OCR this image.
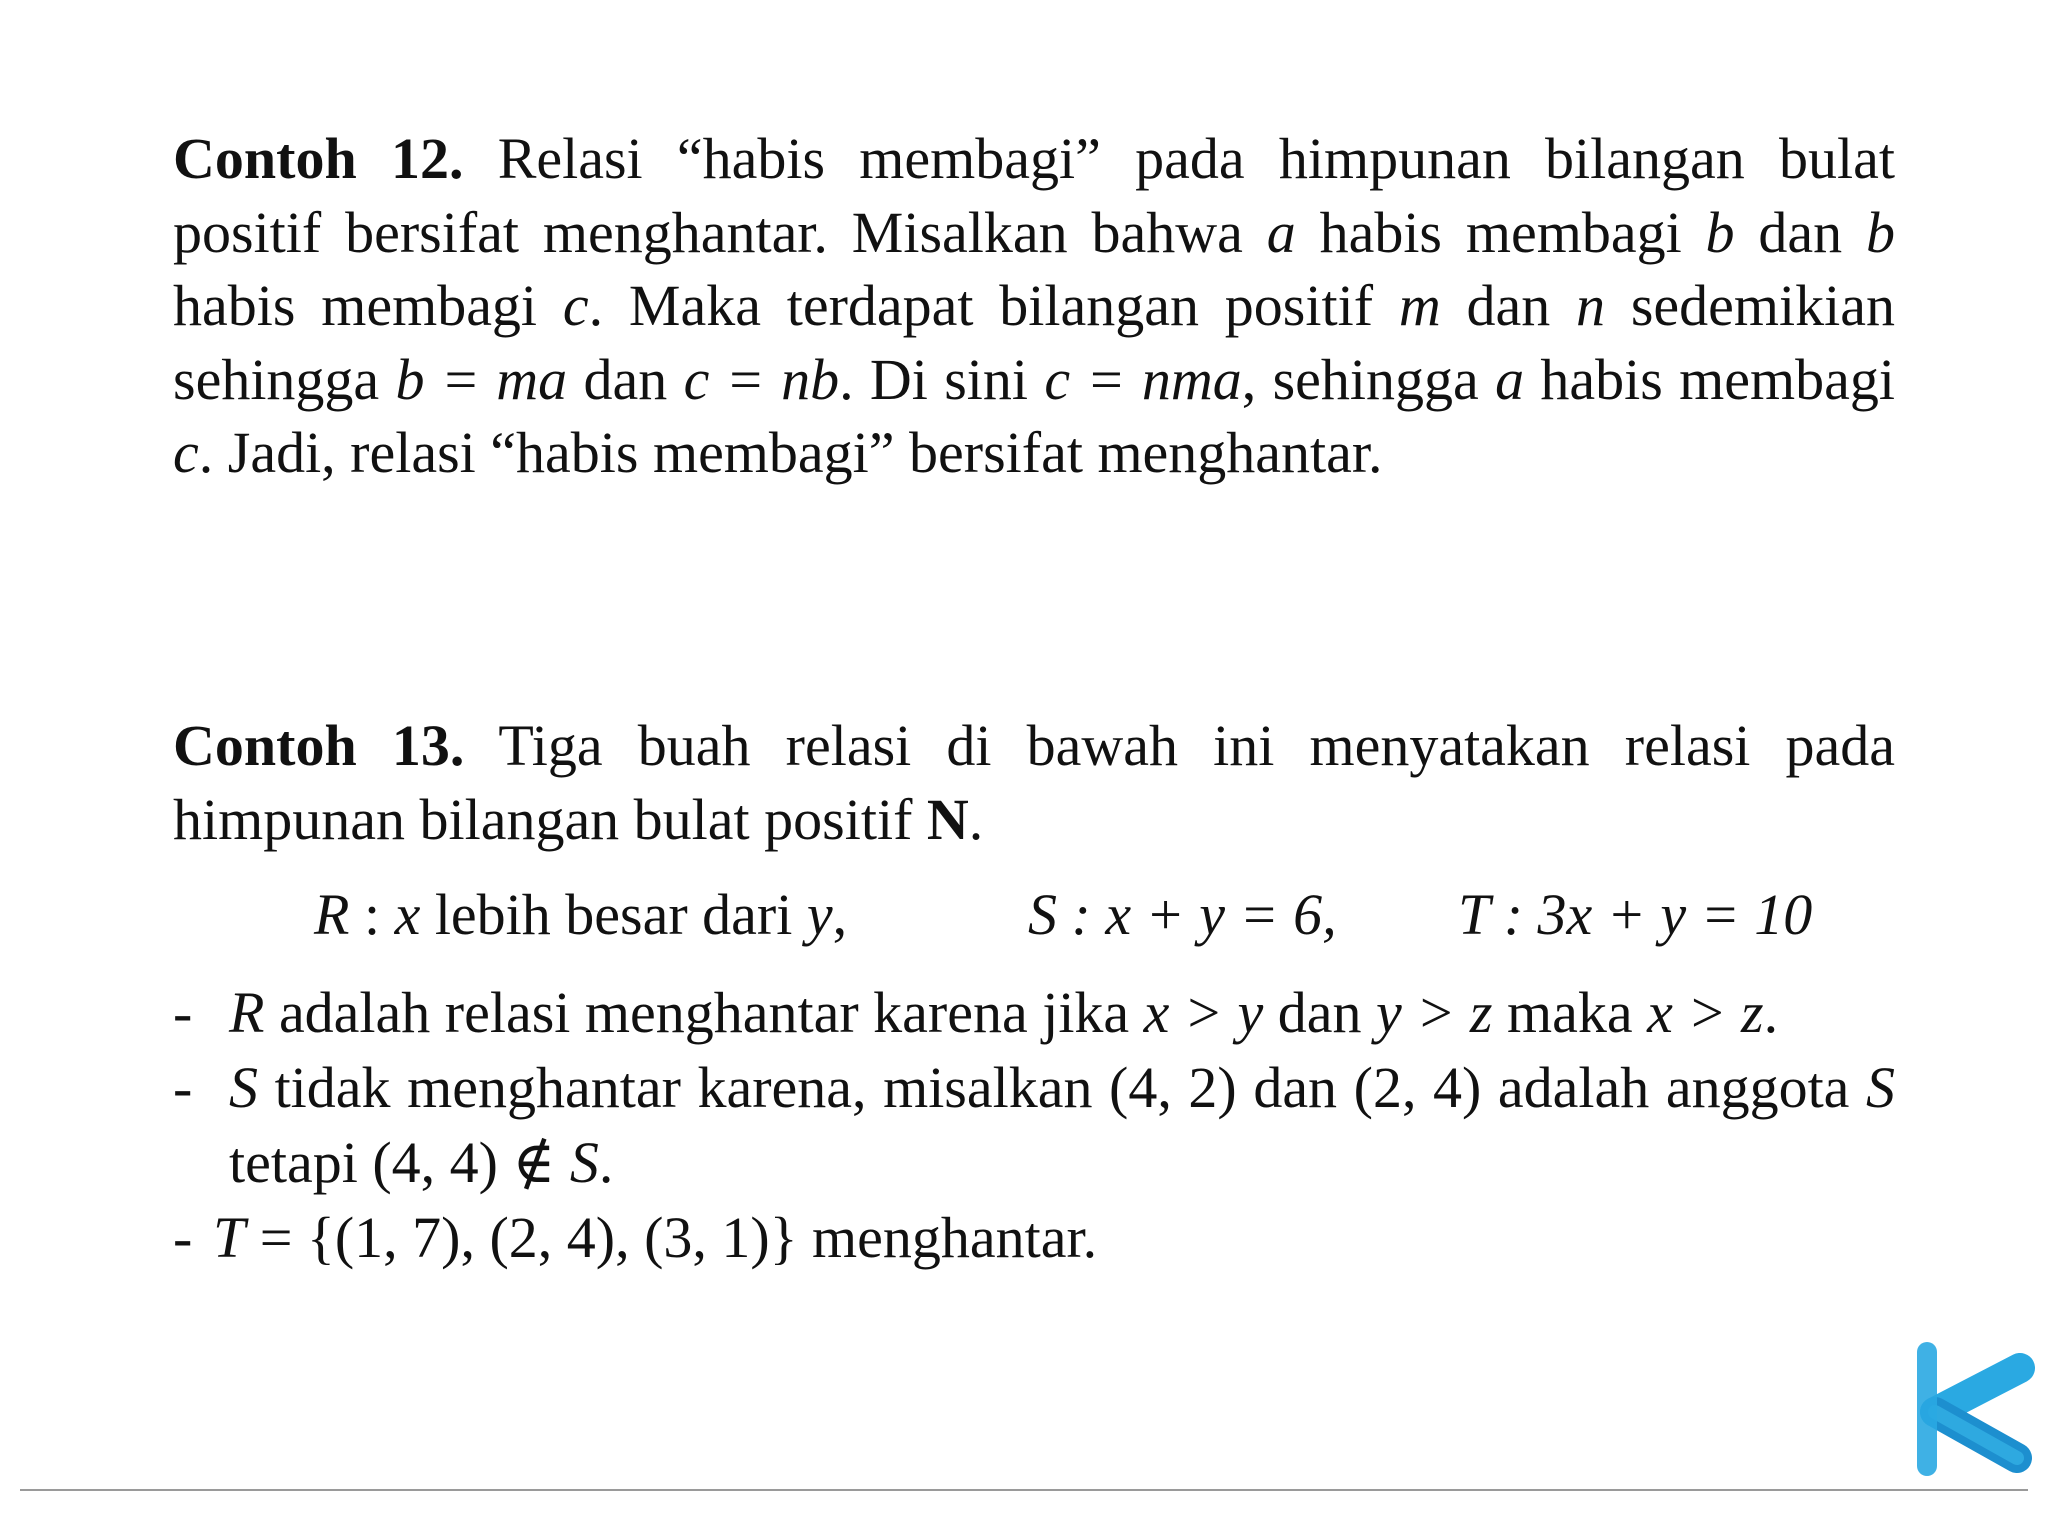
Contoh 12. Relasi “habis membagi” pada himpunan bilangan bulat positif bersifat menghantar. Misalkan bahwa a habis membagi b dan b habis membagi c. Maka terdapat bilangan positif m dan n sedemikian sehingga b = ma dan c = nb. Di sini c = nma, sehingga a habis membagi c. Jadi, relasi “habis membagi” bersifat menghantar.

Contoh 13. Tiga buah relasi di bawah ini menyatakan relasi pada himpunan bilangan bulat positif N.

R : x lebih besar dari y,	S : x + y = 6, T : 3x + y = 10
- R adalah relasi menghantar karena jika x > y dan y > z maka x > z.
- S tidak menghantar karena, misalkan (4, 2) dan (2, 4) adalah anggota S tetapi (4, 4) ∉ S.
- T = {(1, 7), (2, 4), (3, 1)} menghantar.
